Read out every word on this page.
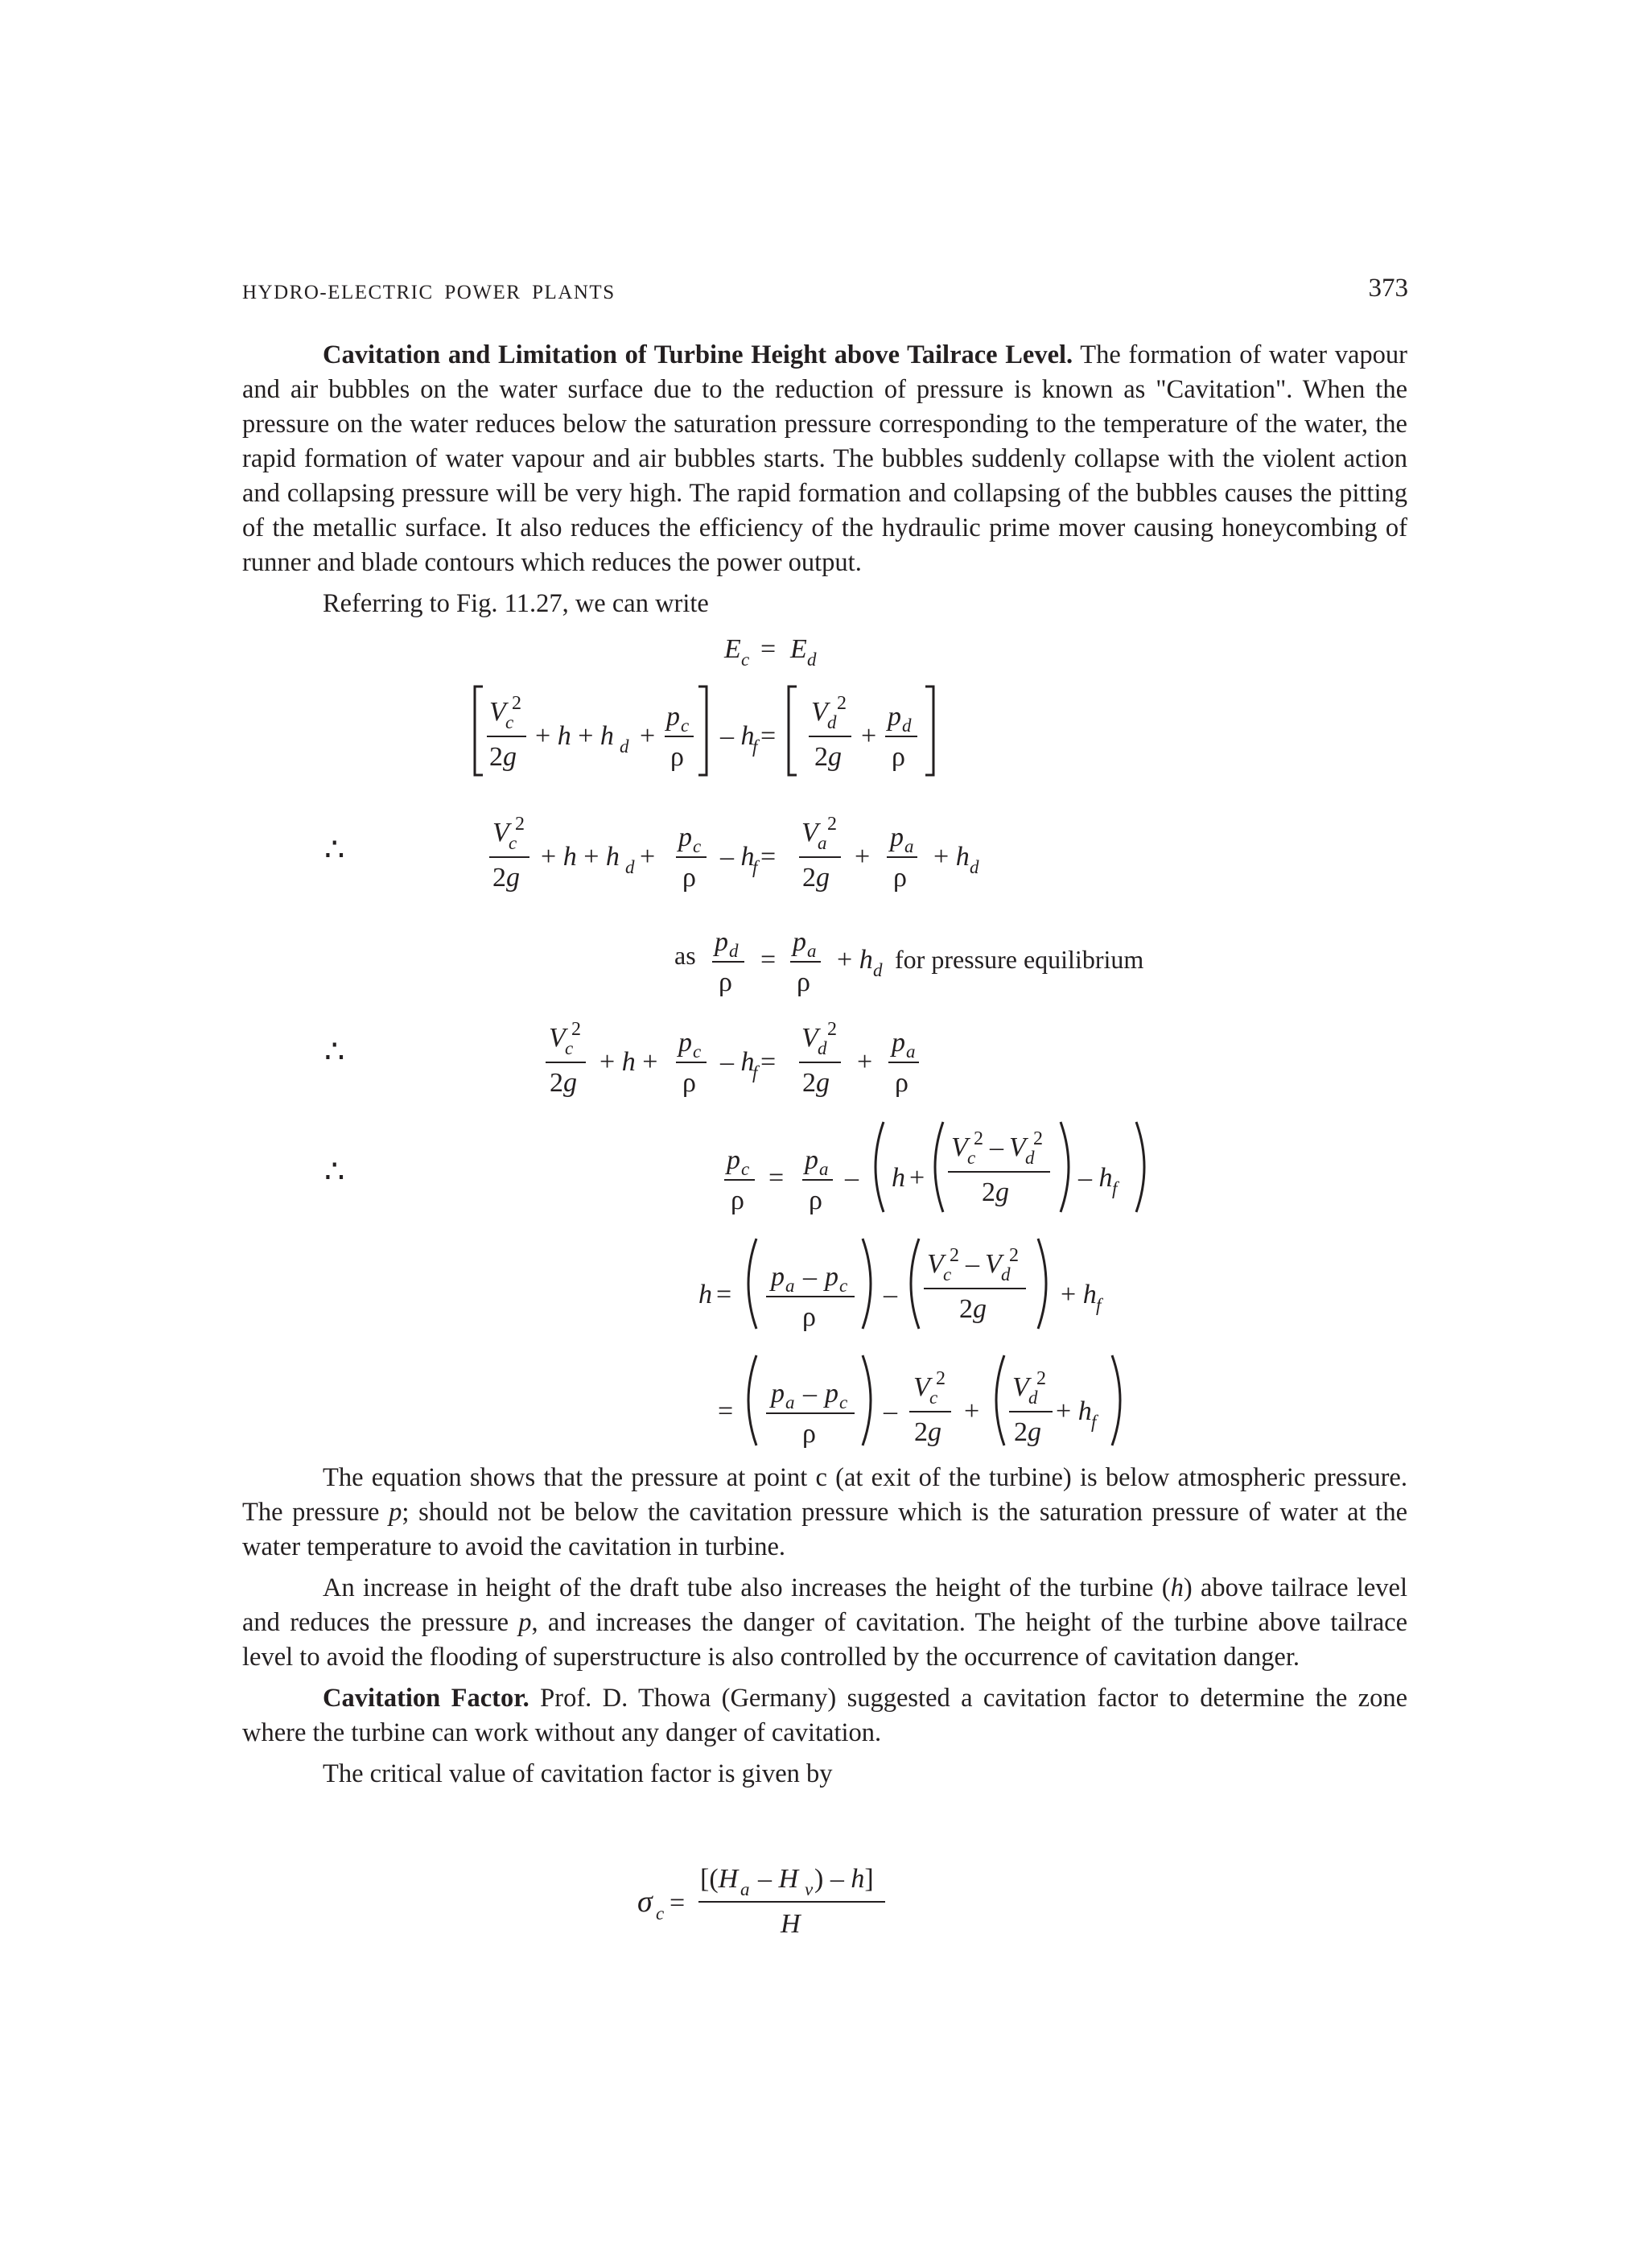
HYDRO-ELECTRIC POWER PLANTS	373

Cavitation and Limitation of Turbine Height above Tailrace Level. The formation of water vapour and air bubbles on the water surface due to the reduction of pressure is known as "Cavitation". When the pressure on the water reduces below the saturation pressure corresponding to the temperature of the water, the rapid formation of water vapour and air bubbles starts. The bubbles suddenly collapse with the violent action and collapsing pressure will be very high. The rapid formation and collapsing of the bubbles causes the pitting of the metallic surface. It also reduces the efficiency of the hydraulic prime mover causing honeycombing of runner and blade contours which reduces the power output.

Referring to Fig. 11.27, we can write

E c = E d
V c
2
2g
+ h + h d +
p c
ρ
– h
f =
V d
2
2g
+
p d
ρ
∴	V c
2
2g
+ h + h d +
p c
ρ
– h
f =
V a
2
2g
+
p a
ρ
+ h d
as p d
ρ
=
p a
ρ
+ h d for pressure equilibrium
∴	V c
2
2g
+ h +
p c
ρ
– h
f =
V d
2
2g
+
p a
ρ
∴	p c
ρ
=
p a
ρ
– h +
V c
2 – V d
2
2g	– h f
h =
p a – p c
ρ
–
V c
2 – V d
2
2g	+ h f
=
p a – p c
ρ
–
V c
2
2g
+
V d
2
2g
+ h f

The equation shows that the pressure at point c (at exit of the turbine) is below atmospheric pressure. The pressure p; should not be below the cavitation pressure which is the saturation pressure of water at the water temperature to avoid the cavitation in turbine.

An increase in height of the draft tube also increases the height of the turbine (h) above tailrace level and reduces the pressure p, and increases the danger of cavitation. The height of the turbine above tailrace level to avoid the flooding of superstructure is also controlled by the occurrence of cavitation danger.

Cavitation Factor. Prof. D. Thowa (Germany) suggested a cavitation factor to determine the zone where the turbine can work without any danger of cavitation.

The critical value of cavitation factor is given by

σ c =
[(H a – H v ) – h]
H
